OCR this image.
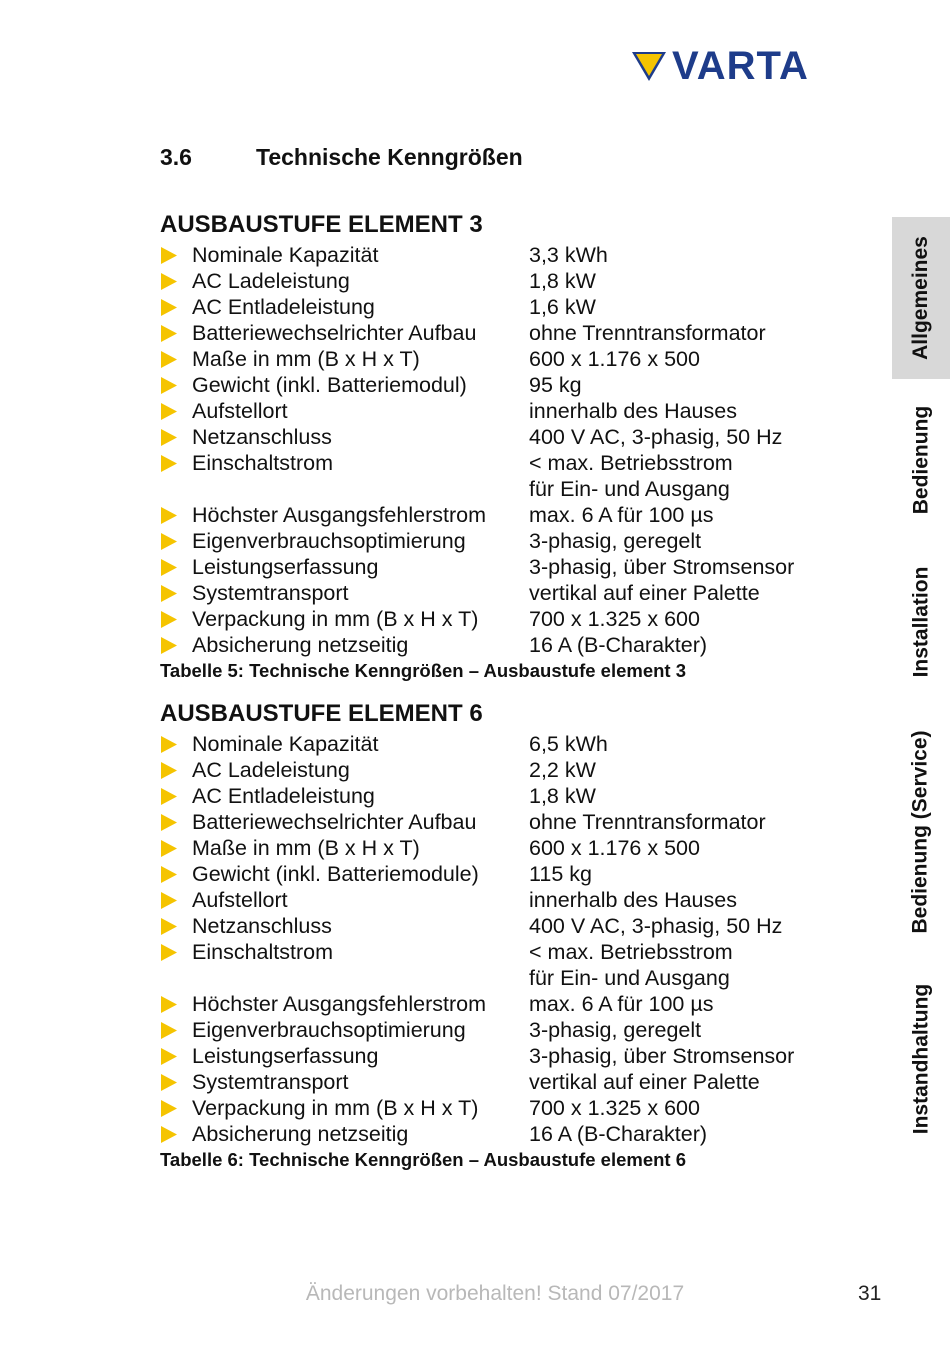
VARTA
3.6	Technische Kenngrößen
AUSBAUSTUFE ELEMENT 3
Nominale Kapazität	3,3 kWh
AC Ladeleistung	1,8 kW
AC Entladeleistung	1,6 kW
Batteriewechselrichter Aufbau	ohne Trenntransformator
Maße in mm (B x H x T)	600 x 1.176 x 500
Gewicht (inkl. Batteriemodul)	95 kg
Aufstellort	innerhalb des Hauses
Netzanschluss	400 V AC, 3-phasig, 50 Hz
Einschaltstrom	< max. Betriebsstrom
für Ein- und Ausgang
Höchster Ausgangsfehlerstrom	max. 6 A für 100 µs
Eigenverbrauchsoptimierung	3-phasig, geregelt
Leistungserfassung	3-phasig, über Stromsensor
Systemtransport	vertikal auf einer Palette
Verpackung in mm (B x H x T)	700 x 1.325 x 600
Absicherung netzseitig	16 A (B-Charakter)
Tabelle 5: Technische Kenngrößen – Ausbaustufe element 3
AUSBAUSTUFE ELEMENT 6
Nominale Kapazität	6,5 kWh
AC Ladeleistung	2,2 kW
AC Entladeleistung	1,8 kW
Batteriewechselrichter Aufbau	ohne Trenntransformator
Maße in mm (B x H x T)	600 x 1.176 x 500
Gewicht (inkl. Batteriemodule)	115 kg
Aufstellort	innerhalb des Hauses
Netzanschluss	400 V AC, 3-phasig, 50 Hz
Einschaltstrom	< max. Betriebsstrom
für Ein- und Ausgang
Höchster Ausgangsfehlerstrom	max. 6 A für 100 µs
Eigenverbrauchsoptimierung	3-phasig, geregelt
Leistungserfassung	3-phasig, über Stromsensor
Systemtransport	vertikal auf einer Palette
Verpackung in mm (B x H x T)	700 x 1.325 x 600
Absicherung netzseitig	16 A (B-Charakter)
Tabelle 6: Technische Kenngrößen – Ausbaustufe element 6
Allgemeines
Bedienung
Installation
Bedienung (Service)
Instandhaltung
Änderungen vorbehalten! Stand 07/2017	31
